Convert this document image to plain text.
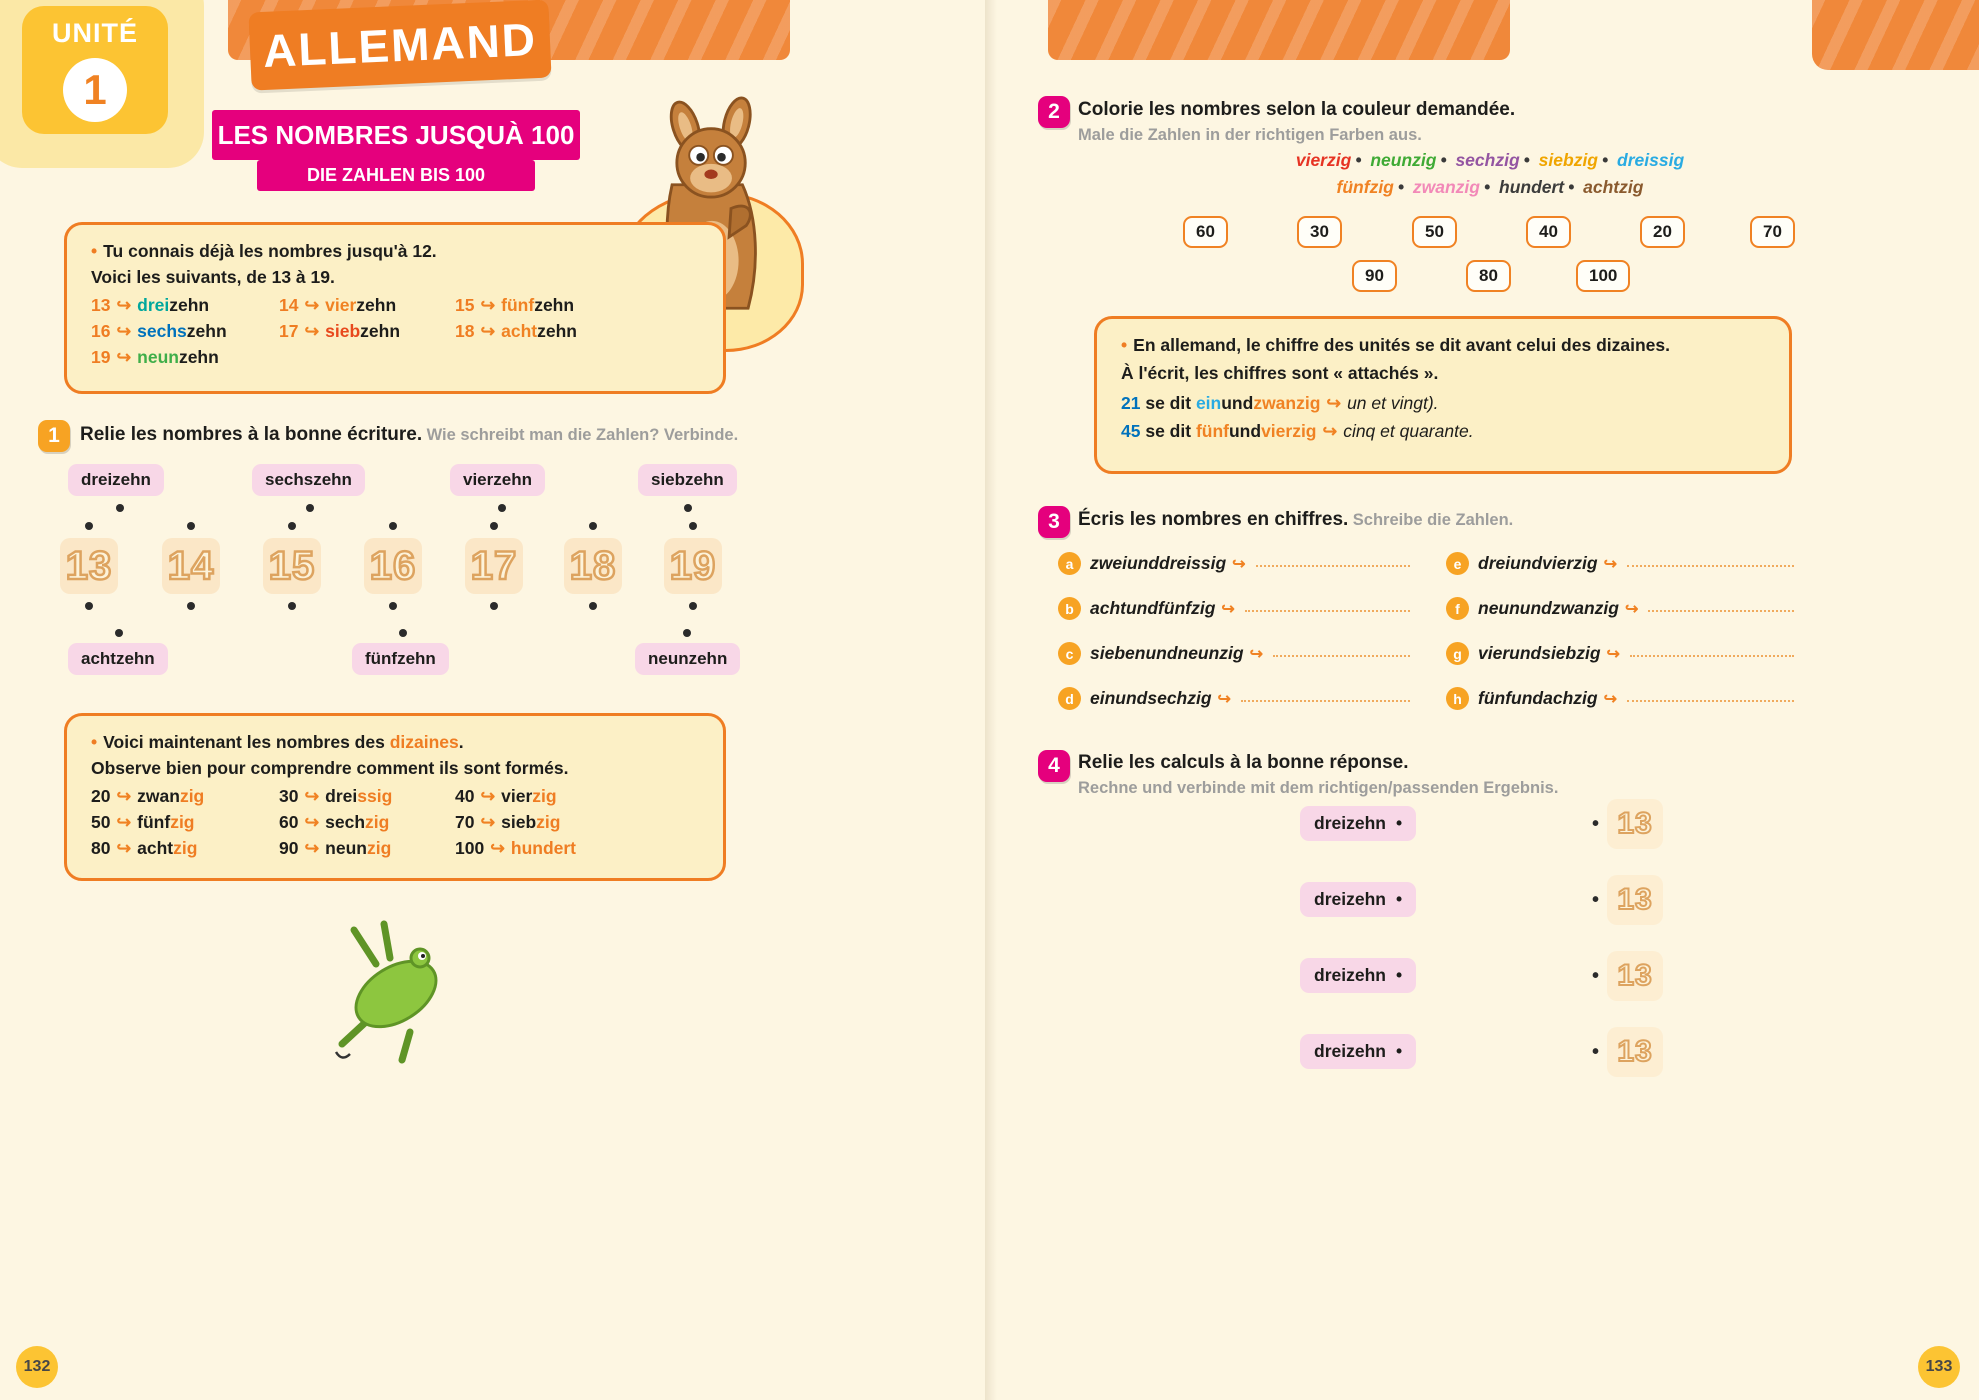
UNITÉ
1
ALLEMAND
LES NOMBRES JUSQUÀ 100
DIE ZAHLEN BIS 100
• Tu connais déjà les nombres jusqu'à 12.
Voici les suivants, de 13 à 19.
13 ↪ dreizehn	14 ↪ vierzehn	15 ↪ fünfzehn
16 ↪ sechszehn	17 ↪ siebzehn	18 ↪ achtzehn
19 ↪ neunzehn
1 Relie les nombres à la bonne écriture. Wie schreibt man die Zahlen? Verbinde.
dreizehn	sechszehn	vierzehn	siebzehn
13 14 15 16 17 18 19
achtzehn	fünfzehn	neunzehn
• Voici maintenant les nombres des dizaines.
Observe bien pour comprendre comment ils sont formés.
20 ↪ zwanzig	30 ↪ dreissig	40 ↪ vierzig
50 ↪ fünfzig	60 ↪ sechzig	70 ↪ siebzig
80 ↪ achtzig	90 ↪ neunzig	100 ↪ hundert
132
2 Colorie les nombres selon la couleur demandée.
Male die Zahlen in der richtigen Farben aus.
vierzig • neunzig • sechzig • siebzig • dreissig
fünfzig • zwanzig • hundert • achtzig
60	30	50	40	20	70
90	80	100
• En allemand, le chiffre des unités se dit avant celui des dizaines.
À l'écrit, les chiffres sont « attachés ».
21 se dit einundzwanzig ↪ un et vingt).
45 se dit fünfundvierzig ↪ cinq et quarante.
3 Écris les nombres en chiffres. Schreibe die Zahlen.
a zweiunddreissig ↪
b achtundfünfzig ↪
c siebenundneunzig ↪
d einundsechzig ↪
e dreiundvierzig ↪
f neunundzwanzig ↪
g vierundsiebzig ↪
h fünfundachzig ↪
4 Relie les calculs à la bonne réponse.
Rechne und verbinde mit dem richtigen/passenden Ergebnis.
dreizehn •
dreizehn •
dreizehn •
dreizehn •
• 13
• 13
• 13
• 13
133
